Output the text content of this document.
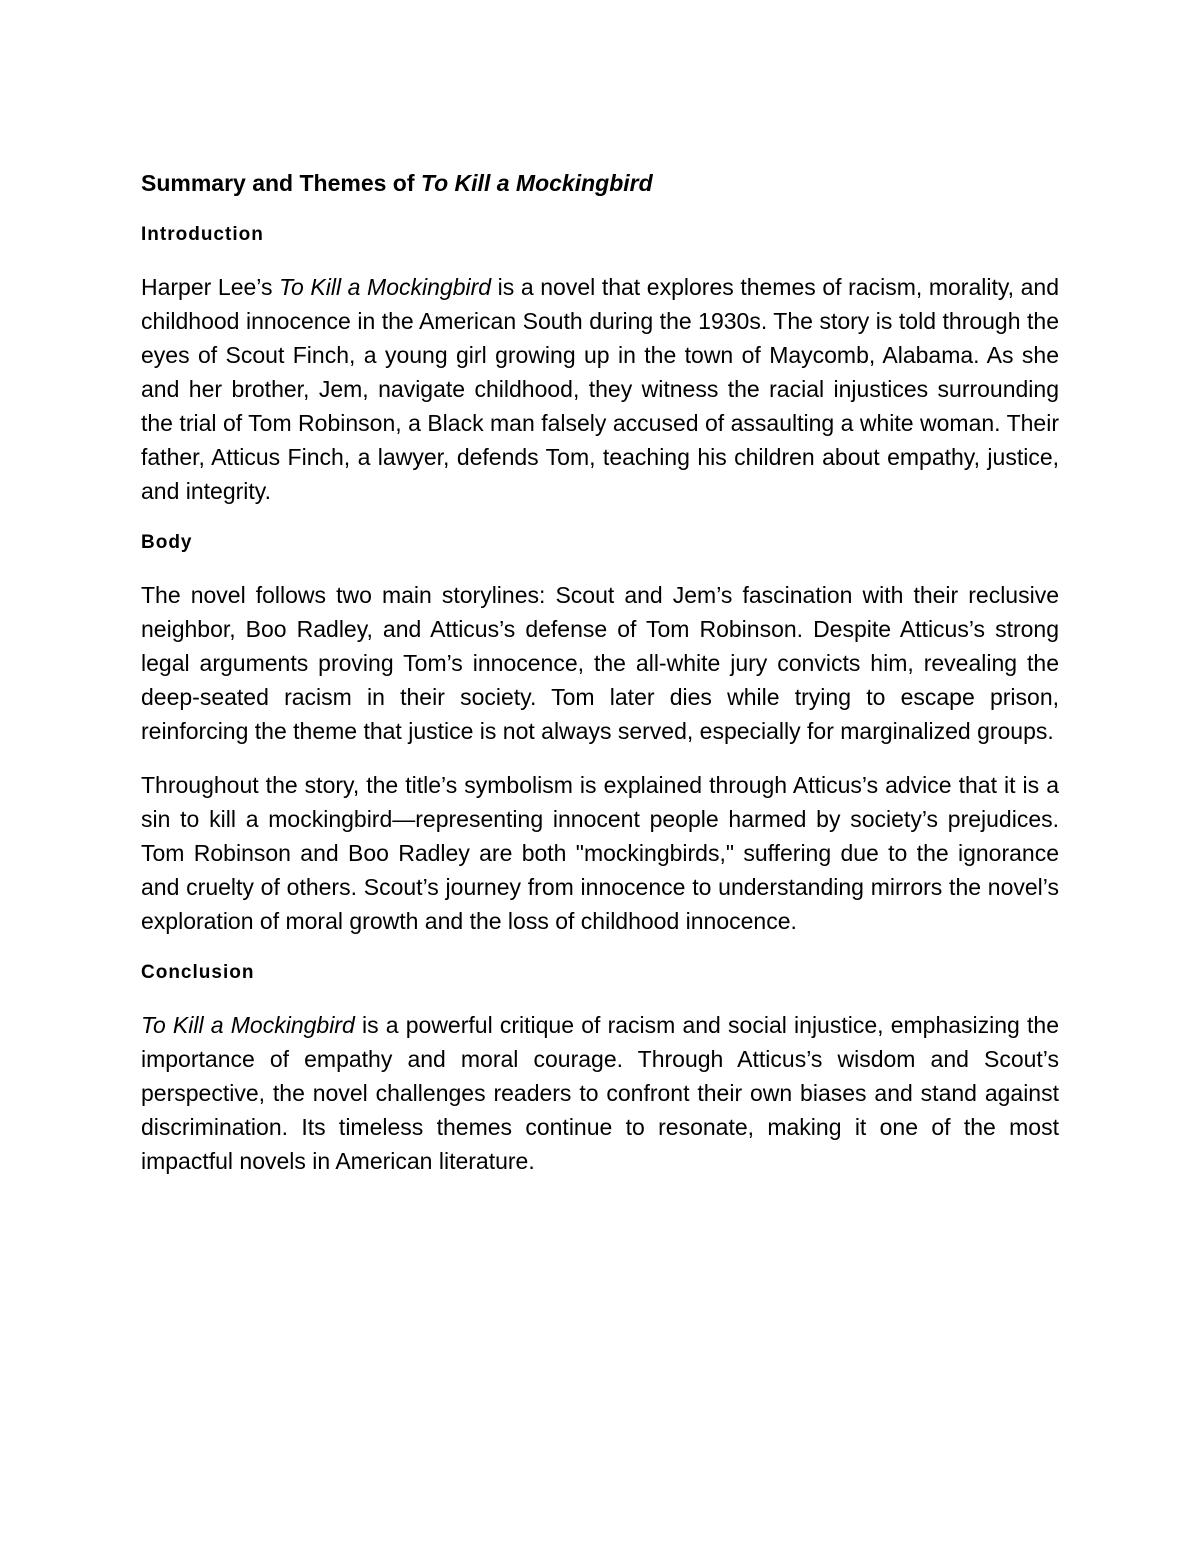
Summary and Themes of To Kill a Mockingbird
Introduction

Harper Lee’s To Kill a Mockingbird is a novel that explores themes of racism, morality, and childhood innocence in the American South during the 1930s. The story is told through the eyes of Scout Finch, a young girl growing up in the town of Maycomb, Alabama. As she and her brother, Jem, navigate childhood, they witness the racial injustices surrounding the trial of Tom Robinson, a Black man falsely accused of assaulting a white woman. Their father, Atticus Finch, a lawyer, defends Tom, teaching his children about empathy, justice, and integrity.

Body

The novel follows two main storylines: Scout and Jem’s fascination with their reclusive neighbor, Boo Radley, and Atticus’s defense of Tom Robinson. Despite Atticus’s strong legal arguments proving Tom’s innocence, the all-white jury convicts him, revealing the deep-seated racism in their society. Tom later dies while trying to escape prison, reinforcing the theme that justice is not always served, especially for marginalized groups.

Throughout the story, the title’s symbolism is explained through Atticus’s advice that it is a sin to kill a mockingbird—representing innocent people harmed by society’s prejudices. Tom Robinson and Boo Radley are both "mockingbirds," suffering due to the ignorance and cruelty of others. Scout’s journey from innocence to understanding mirrors the novel’s exploration of moral growth and the loss of childhood innocence.

Conclusion

To Kill a Mockingbird is a powerful critique of racism and social injustice, emphasizing the importance of empathy and moral courage. Through Atticus’s wisdom and Scout’s perspective, the novel challenges readers to confront their own biases and stand against discrimination. Its timeless themes continue to resonate, making it one of the most impactful novels in American literature.
